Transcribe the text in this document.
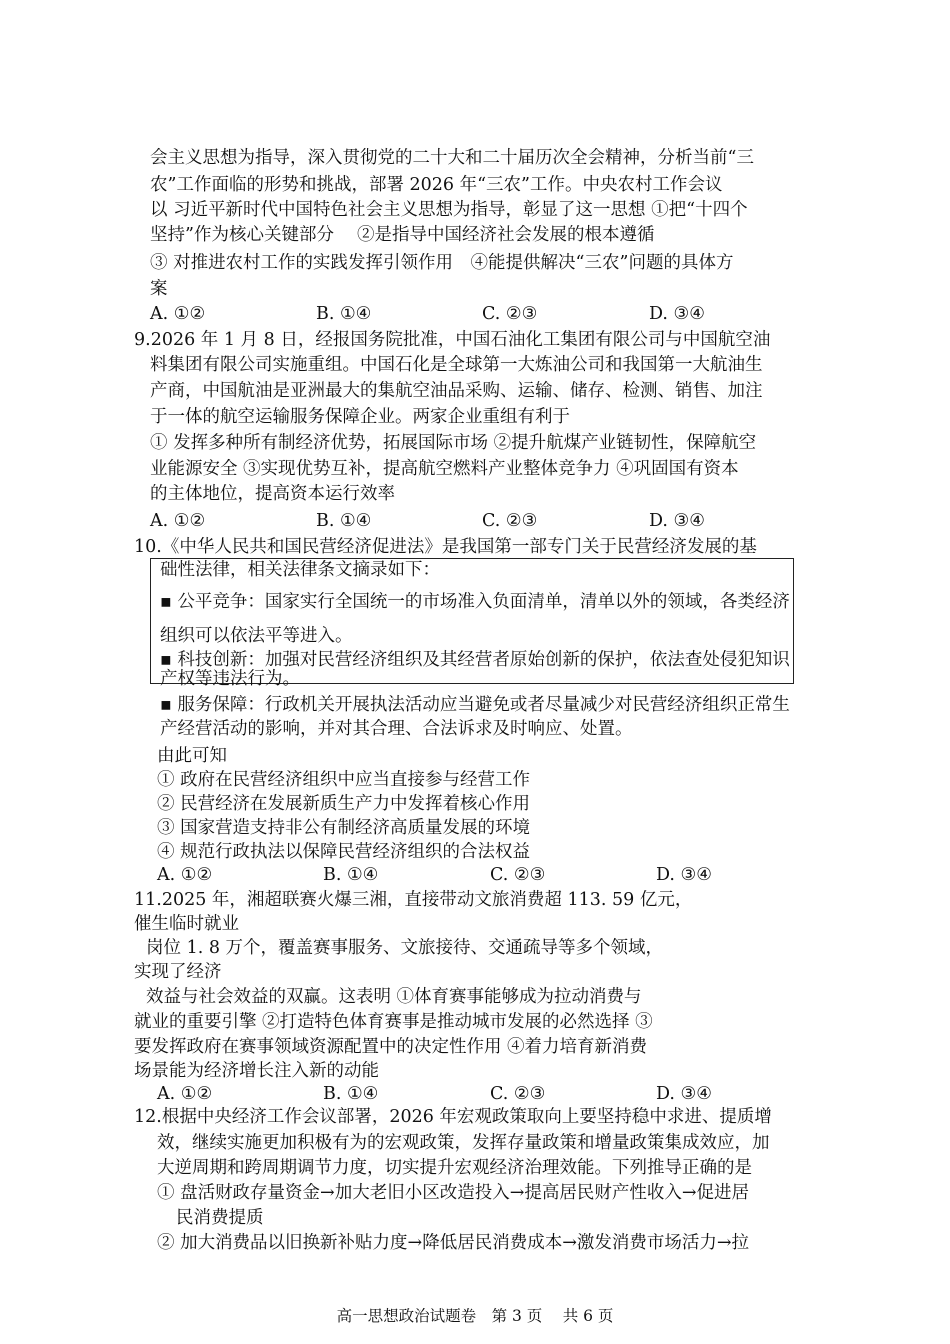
会主义思想为指导，深入贯彻党的二十大和二十届历次全会精神，分析当前“三
农”工作面临的形势和挑战，部署 2026 年“三农”工作。中央农村工作会议
以 习近平新时代中国特色社会主义思想为指导，彰显了这一思想 ①把“十四个
坚持”作为核心关键部分　 ②是指导中国经济社会发展的根本遵循
③ 对推进农村工作的实践发挥引领作用　④能提供解决“三农”问题的具体方
案
A. ①②	B. ①④	C. ②③	D. ③④
9.2026 年 1 月 8 日，经报国务院批准，中国石油化工集团有限公司与中国航空油
料集团有限公司实施重组。中国石化是全球第一大炼油公司和我国第一大航油生
产商，中国航油是亚洲最大的集航空油品采购、运输、储存、检测、销售、加注
于一体的航空运输服务保障企业。两家企业重组有利于
① 发挥多种所有制经济优势，拓展国际市场 ②提升航煤产业链韧性，保障航空
业能源安全 ③实现优势互补，提高航空燃料产业整体竞争力 ④巩固国有资本
的主体地位，提高资本运行效率
A. ①②	B. ①④	C. ②③	D. ③④
10.《中华人民共和国民营经济促进法》是我国第一部专门关于民营经济发展的基
础性法律，相关法律条文摘录如下：
▪ 公平竞争：国家实行全国统一的市场准入负面清单，清单以外的领域，各类经济
组织可以依法平等进入。
▪ 科技创新：加强对民营经济组织及其经营者原始创新的保护，依法查处侵犯知识
产权等违法行为。
▪ 服务保障：行政机关开展执法活动应当避免或者尽量减少对民营经济组织正常生
产经营活动的影响，并对其合理、合法诉求及时响应、处置。
由此可知
① 政府在民营经济组织中应当直接参与经营工作
② 民营经济在发展新质生产力中发挥着核心作用
③ 国家营造支持非公有制经济高质量发展的环境
④ 规范行政执法以保障民营经济组织的合法权益
A. ①②	B. ①④	C. ②③	D. ③④
11.2025 年，湘超联赛火爆三湘，直接带动文旅消费超 113. 59 亿元，
催生临时就业
岗位 1. 8 万个，覆盖赛事服务、文旅接待、交通疏导等多个领域，
实现了经济
效益与社会效益的双赢。这表明 ①体育赛事能够成为拉动消费与
就业的重要引擎 ②打造特色体育赛事是推动城市发展的必然选择 ③
要发挥政府在赛事领域资源配置中的决定性作用 ④着力培育新消费
场景能为经济增长注入新的动能
A. ①②	B. ①④	C. ②③	D. ③④
12.根据中央经济工作会议部署，2026 年宏观政策取向上要坚持稳中求进、提质增
效，继续实施更加积极有为的宏观政策，发挥存量政策和增量政策集成效应，加
大逆周期和跨周期调节力度，切实提升宏观经济治理效能。下列推导正确的是
① 盘活财政存量资金→加大老旧小区改造投入→提高居民财产性收入→促进居
民消费提质
② 加大消费品以旧换新补贴力度→降低居民消费成本→激发消费市场活力→拉
高一思想政治试题卷　第 3 页　 共 6 页
